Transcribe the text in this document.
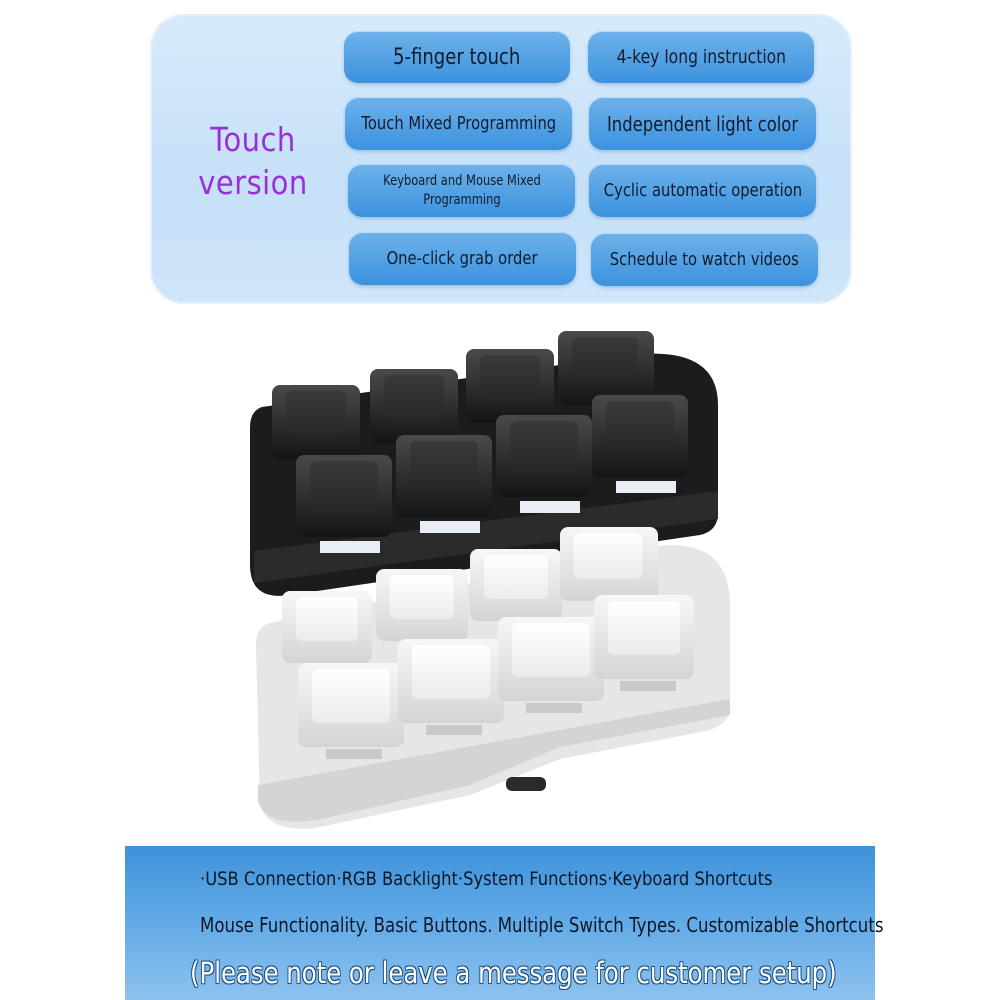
Touch
version
5-finger touch	4-key long instruction
Touch Mixed Programming	Independent light color
Keyboard and Mouse Mixed Programming	Cyclic automatic operation
One-click grab order	Schedule to watch videos
·USB Connection·RGB Backlight·System Functions·Keyboard Shortcuts
Mouse Functionality. Basic Buttons. Multiple Switch Types. Customizable Shortcuts
(Please note or leave a message for customer setup)
